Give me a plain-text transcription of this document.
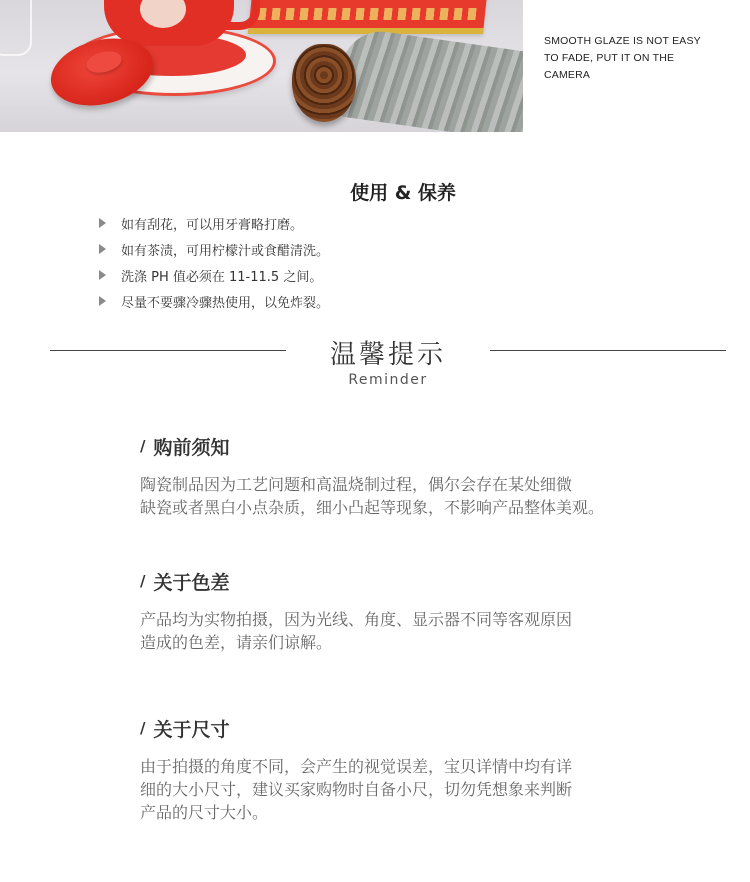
SMOOTH GLAZE IS NOT EASY
TO FADE, PUT IT ON THE
CAMERA

使用 & 保养
如有刮花，可以用牙膏略打磨。
如有茶渍，可用柠檬汁或食醋清洗。
洗涤 PH 值必须在 11-11.5 之间。
尽量不要骤冷骤热使用，以免炸裂。
温馨提示

Reminder

/ 购前须知

陶瓷制品因为工艺问题和高温烧制过程，偶尔会存在某处细微
缺瓷或者黑白小点杂质，细小凸起等现象，不影响产品整体美观。

/ 关于色差

产品均为实物拍摄，因为光线、角度、显示器不同等客观原因
造成的色差，请亲们谅解。

/ 关于尺寸

由于拍摄的角度不同，会产生的视觉误差，宝贝详情中均有详
细的大小尺寸，建议买家购物时自备小尺，切勿凭想象来判断
产品的尺寸大小。
